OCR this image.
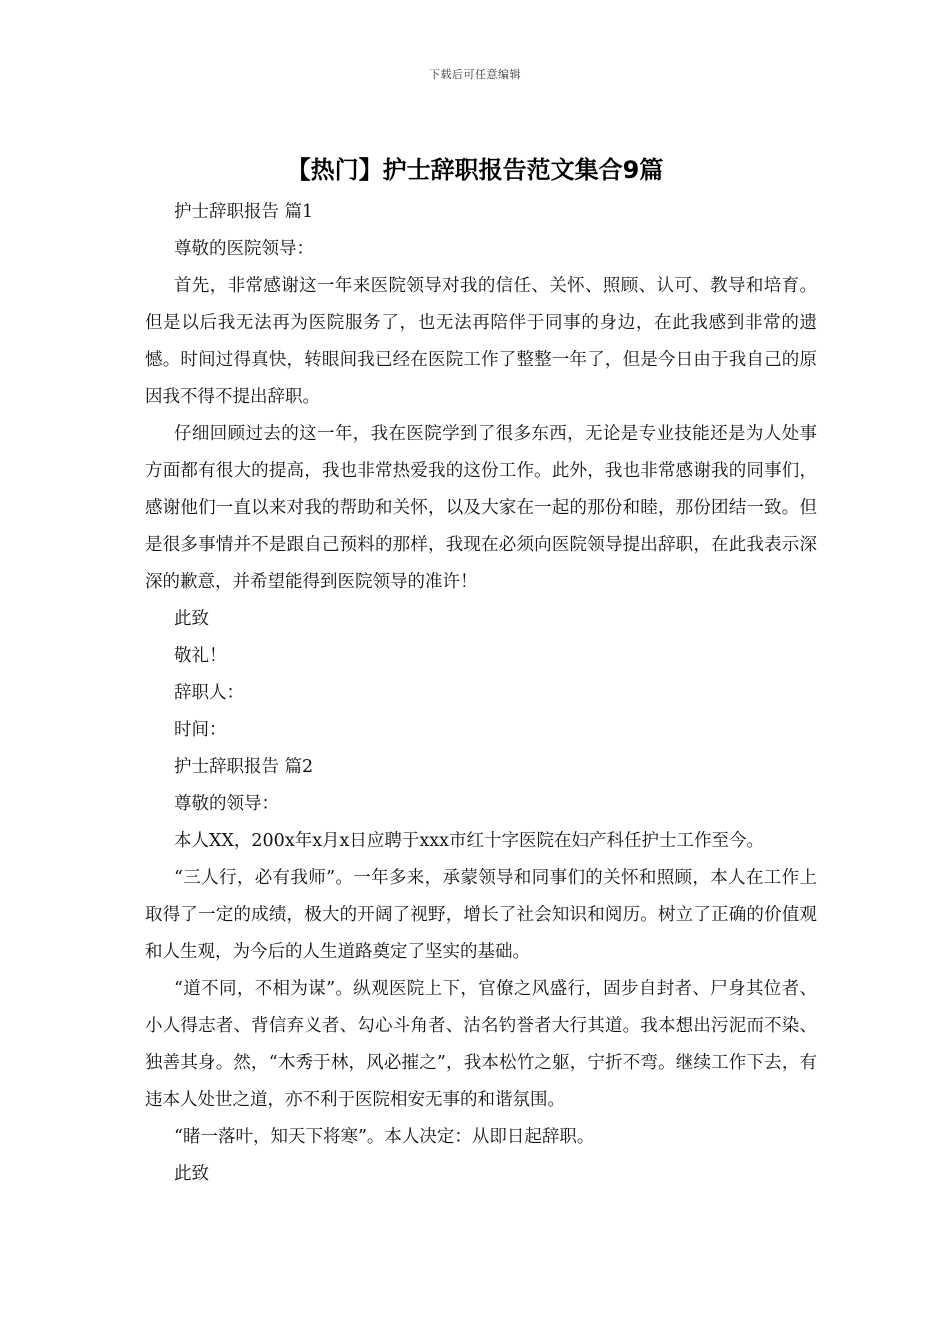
下载后可任意编辑
【热门】护士辞职报告范文集合9篇

护士辞职报告 篇1

尊敬的医院领导：

首先，非常感谢这一年来医院领导对我的信任、关怀、照顾、认可、教导和培育。但是以后我无法再为医院服务了，也无法再陪伴于同事的身边，在此我感到非常的遗憾。时间过得真快，转眼间我已经在医院工作了整整一年了，但是今日由于我自己的原因我不得不提出辞职。

仔细回顾过去的这一年，我在医院学到了很多东西，无论是专业技能还是为人处事方面都有很大的提高，我也非常热爱我的这份工作。此外，我也非常感谢我的同事们，感谢他们一直以来对我的帮助和关怀，以及大家在一起的那份和睦，那份团结一致。但是很多事情并不是跟自己预料的那样，我现在必须向医院领导提出辞职，在此我表示深深的歉意，并希望能得到医院领导的准许！

此致

敬礼！

辞职人：

时间：

护士辞职报告 篇2

尊敬的领导：

本人XX，200x年x月x日应聘于xxx市红十字医院在妇产科任护士工作至今。

“三人行，必有我师”。一年多来，承蒙领导和同事们的关怀和照顾，本人在工作上取得了一定的成绩，极大的开阔了视野，增长了社会知识和阅历。树立了正确的价值观和人生观，为今后的人生道路奠定了坚实的基础。

“道不同，不相为谋”。纵观医院上下，官僚之风盛行，固步自封者、尸身其位者、小人得志者、背信弃义者、勾心斗角者、沽名钓誉者大行其道。我本想出污泥而不染、独善其身。然，“木秀于林，风必摧之”，我本松竹之躯，宁折不弯。继续工作下去，有违本人处世之道，亦不利于医院相安无事的和谐氛围。

“睹一落叶，知天下将寒”。本人决定：从即日起辞职。

此致
